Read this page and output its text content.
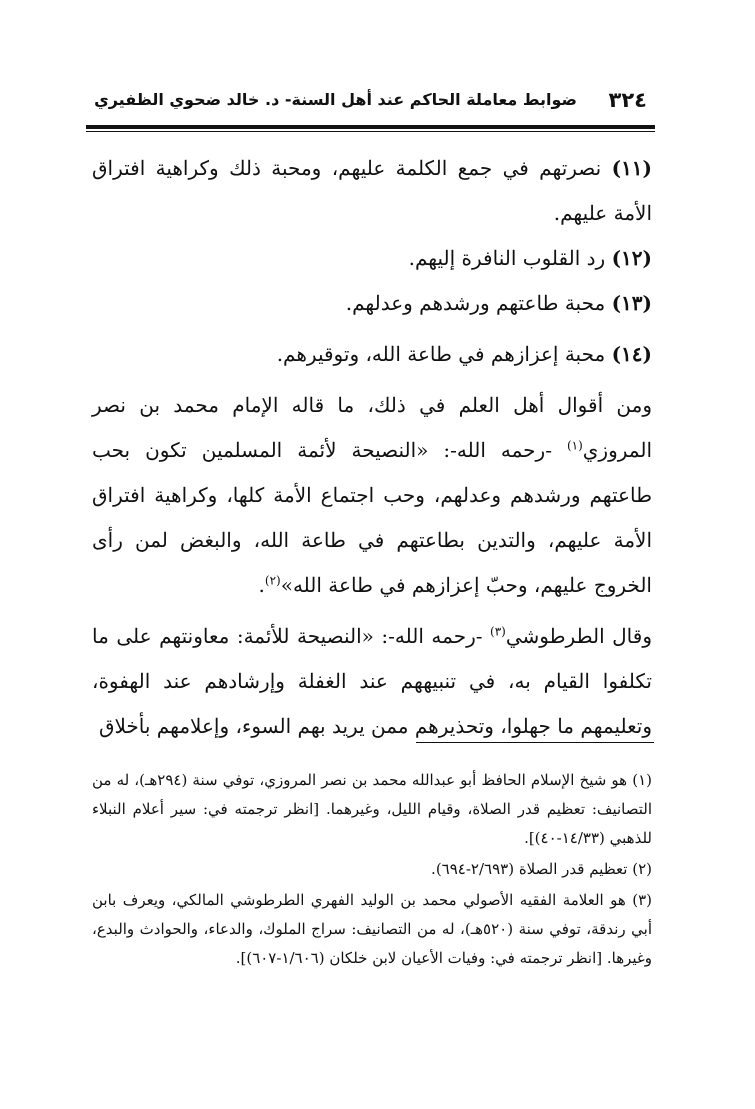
٣٢٤
ضوابط معاملة الحاكم عند أهل السنة- د. خالد ضحوي الظفيري

(١١) نصرتهم في جمع الكلمة عليهم، ومحبة ذلك وكراهية افتراق الأمة عليهم.

(١٢) رد القلوب النافرة إليهم.

(١٣) محبة طاعتهم ورشدهم وعدلهم.

(١٤) محبة إعزازهم في طاعة الله، وتوقيرهم.

ومن أقوال أهل العلم في ذلك، ما قاله الإمام محمد بن نصر المروزي$^{(١)}$ -رحمه الله-: «النصيحة لأئمة المسلمين تكون بحب طاعتهم ورشدهم وعدلهم، وحب اجتماع الأمة كلها، وكراهية افتراق الأمة عليهم، والتدين بطاعتهم في طاعة الله، والبغض لمن رأى الخروج عليهم، وحبّ إعزازهم في طاعة الله»$^{(٢)}$.

وقال الطرطوشي$^{(٣)}$ -رحمه الله-: «النصيحة للأئمة: معاونتهم على ما تكلفوا القيام به، في تنبيههم عند الغفلة وإرشادهم عند الهفوة، وتعليمهم ما جهلوا، وتحذيرهم ممن يريد بهم السوء، وإعلامهم بأخلاق

(١) هو شيخ الإسلام الحافظ أبو عبدالله محمد بن نصر المروزي، توفي سنة (٢٩٤هـ)، له من التصانيف: تعظيم قدر الصلاة، وقيام الليل، وغيرهما. [انظر ترجمته في: سير أعلام النبلاء للذهبي (١٤/٣٣-٤٠)].

(٢) تعظيم قدر الصلاة (٢/٦٩٣-٦٩٤).

(٣) هو العلامة الفقيه الأصولي محمد بن الوليد الفهري الطرطوشي المالكي، ويعرف بابن أبي رندقة، توفي سنة (٥٢٠هـ)، له من التصانيف: سراج الملوك، والدعاء، والحوادث والبدع، وغيرها. [انظر ترجمته في: وفيات الأعيان لابن خلكان (١/٦٠٦-٦٠٧)].
